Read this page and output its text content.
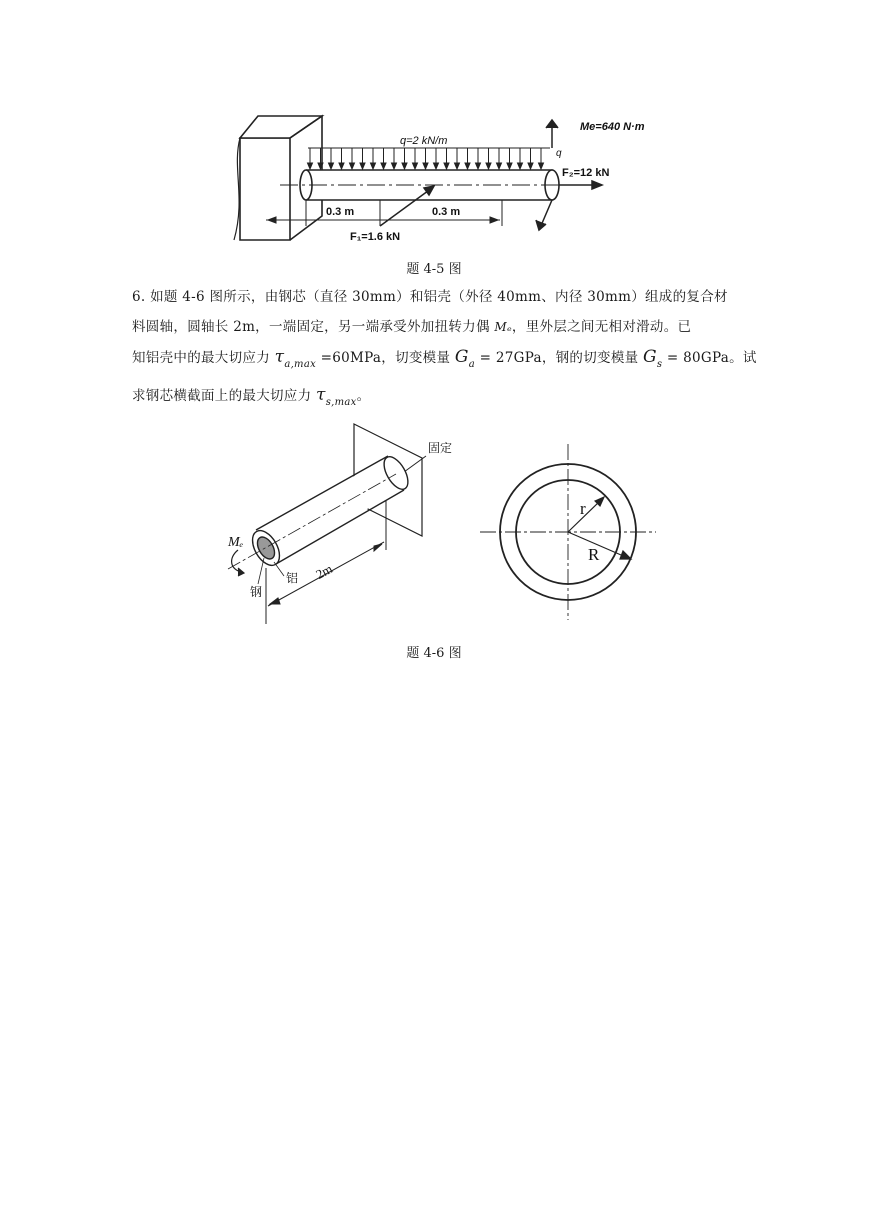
q=2 kN/m
Me=640 N·m
q
F₂=12 kN
0.3 m	0.3 m
F₁=1.6 kN
题 4-5 图
6. 如题 4-6 图所示，由钢芯（直径 30mm）和铝壳（外径 40mm、内径 30mm）组成的复合材
料圆轴，圆轴长 2m，一端固定，另一端承受外加扭转力偶 Mₑ，里外层之间无相对滑动。已
知铝壳中的最大切应力 $\tau_{a,max} =60MPa$，切变模量 $G_a = 27GPa$，钢的切变模量 $G_s = 80GPa$。试
求钢芯横截面上的最大切应力 $\tau_{s,max}$。
固定
Mₑ
钢
铝 2m
r
R
题 4-6 图
